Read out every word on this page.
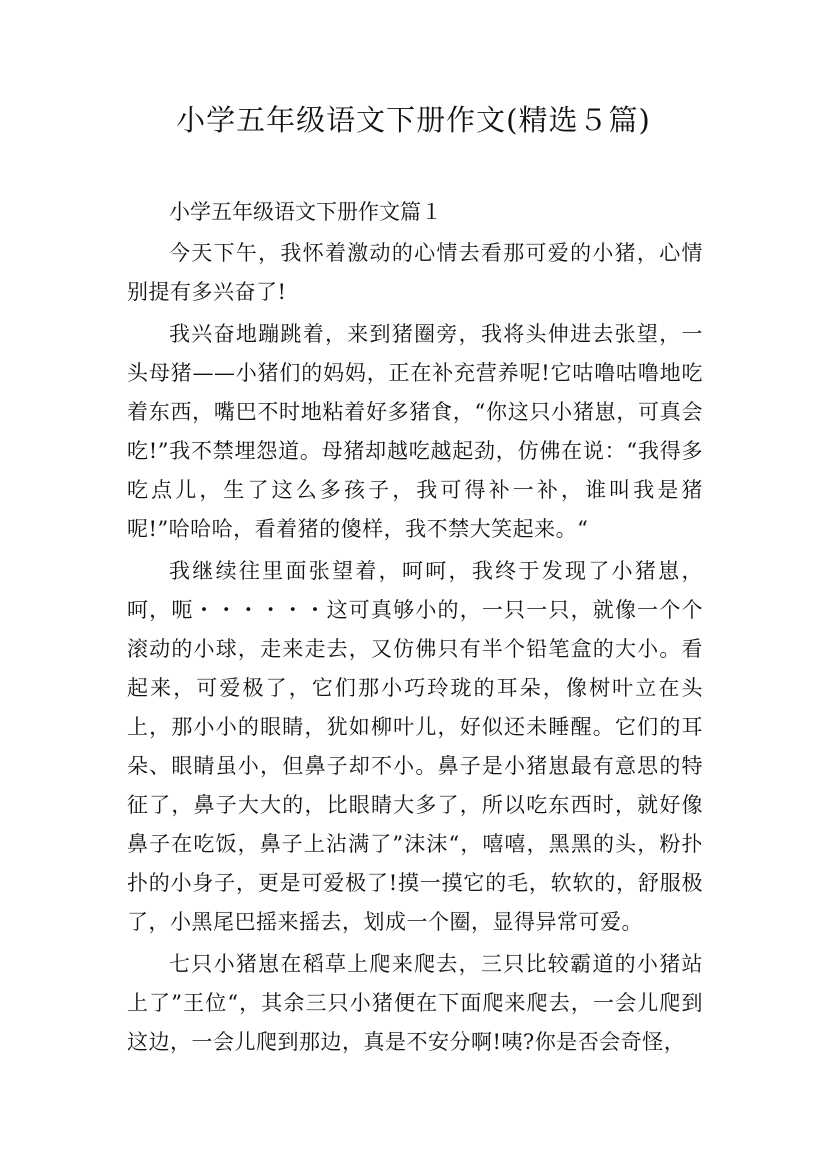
小学五年级语文下册作文(精选５篇)
小学五年级语文下册作文篇１

今天下午，我怀着激动的心情去看那可爱的小猪，心情别提有多兴奋了!

我兴奋地蹦跳着，来到猪圈旁，我将头伸进去张望，一头母猪——小猪们的妈妈，正在补充营养呢!它咕噜咕噜地吃着东西，嘴巴不时地粘着好多猪食，“你这只小猪崽，可真会吃!”我不禁埋怨道。母猪却越吃越起劲，仿佛在说：“我得多吃点儿，生了这么多孩子，我可得补一补，谁叫我是猪呢!”哈哈哈，看着猪的傻样，我不禁大笑起来。“

我继续往里面张望着，呵呵，我终于发现了小猪崽，呵，呃・・・・・・这可真够小的，一只一只，就像一个个滚动的小球，走来走去，又仿佛只有半个铅笔盒的大小。看起来，可爱极了，它们那小巧玲珑的耳朵，像树叶立在头上，那小小的眼睛，犹如柳叶儿，好似还未睡醒。它们的耳朵、眼睛虽小，但鼻子却不小。鼻子是小猪崽最有意思的特征了，鼻子大大的，比眼睛大多了，所以吃东西时，就好像鼻子在吃饭，鼻子上沾满了”沫沫“，嘻嘻，黑黑的头，粉扑扑的小身子，更是可爱极了!摸一摸它的毛，软软的，舒服极了，小黑尾巴摇来摇去，划成一个圈，显得异常可爱。

七只小猪崽在稻草上爬来爬去，三只比较霸道的小猪站上了”王位“，其余三只小猪便在下面爬来爬去，一会儿爬到这边，一会儿爬到那边，真是不安分啊!咦?你是否会奇怪，
